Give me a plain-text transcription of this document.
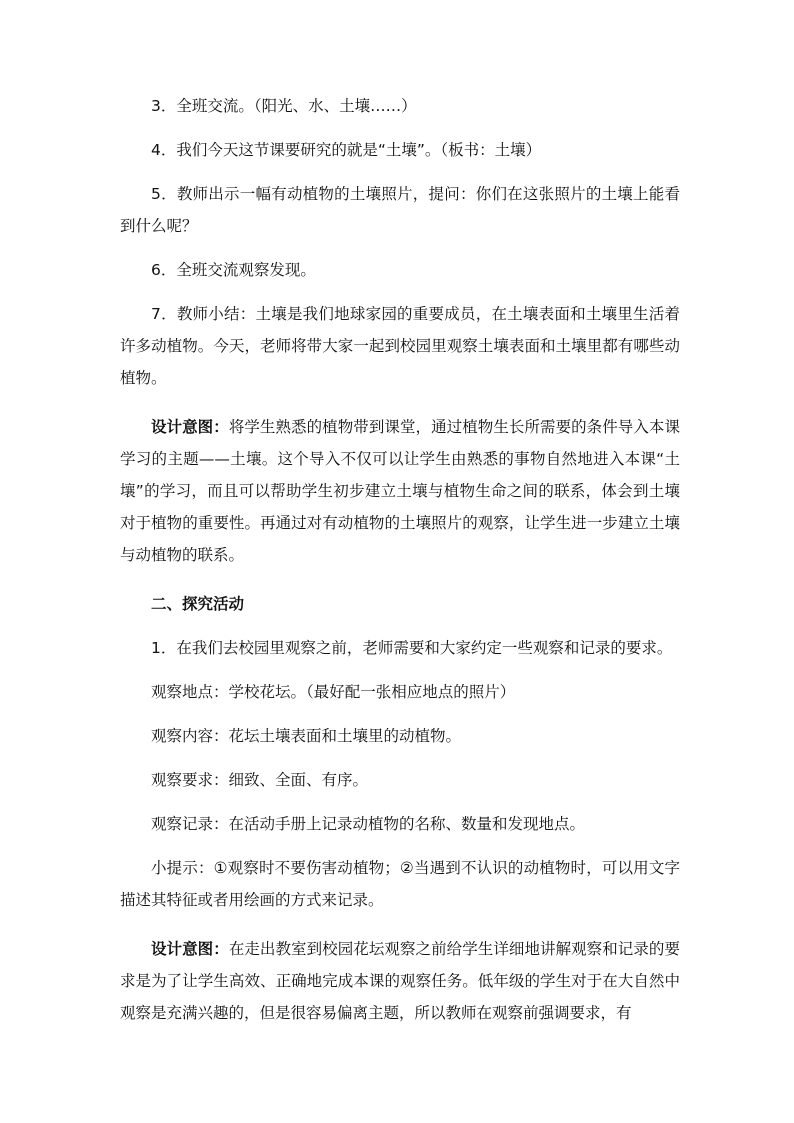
3．全班交流。（阳光、水、土壤……）

4．我们今天这节课要研究的就是“土壤”。（板书：土壤）

5．教师出示一幅有动植物的土壤照片，提问：你们在这张照片的土壤上能看到什么呢？

6．全班交流观察发现。

7．教师小结：土壤是我们地球家园的重要成员，在土壤表面和土壤里生活着许多动植物。今天，老师将带大家一起到校园里观察土壤表面和土壤里都有哪些动植物。

设计意图：将学生熟悉的植物带到课堂，通过植物生长所需要的条件导入本课学习的主题——土壤。这个导入不仅可以让学生由熟悉的事物自然地进入本课“土壤”的学习，而且可以帮助学生初步建立土壤与植物生命之间的联系，体会到土壤对于植物的重要性。再通过对有动植物的土壤照片的观察，让学生进一步建立土壤与动植物的联系。

二、探究活动

1．在我们去校园里观察之前，老师需要和大家约定一些观察和记录的要求。

观察地点：学校花坛。（最好配一张相应地点的照片）

观察内容：花坛土壤表面和土壤里的动植物。

观察要求：细致、全面、有序。

观察记录：在活动手册上记录动植物的名称、数量和发现地点。

小提示：①观察时不要伤害动植物；②当遇到不认识的动植物时，可以用文字描述其特征或者用绘画的方式来记录。

设计意图：在走出教室到校园花坛观察之前给学生详细地讲解观察和记录的要求是为了让学生高效、正确地完成本课的观察任务。低年级的学生对于在大自然中观察是充满兴趣的，但是很容易偏离主题，所以教师在观察前强调要求，有
